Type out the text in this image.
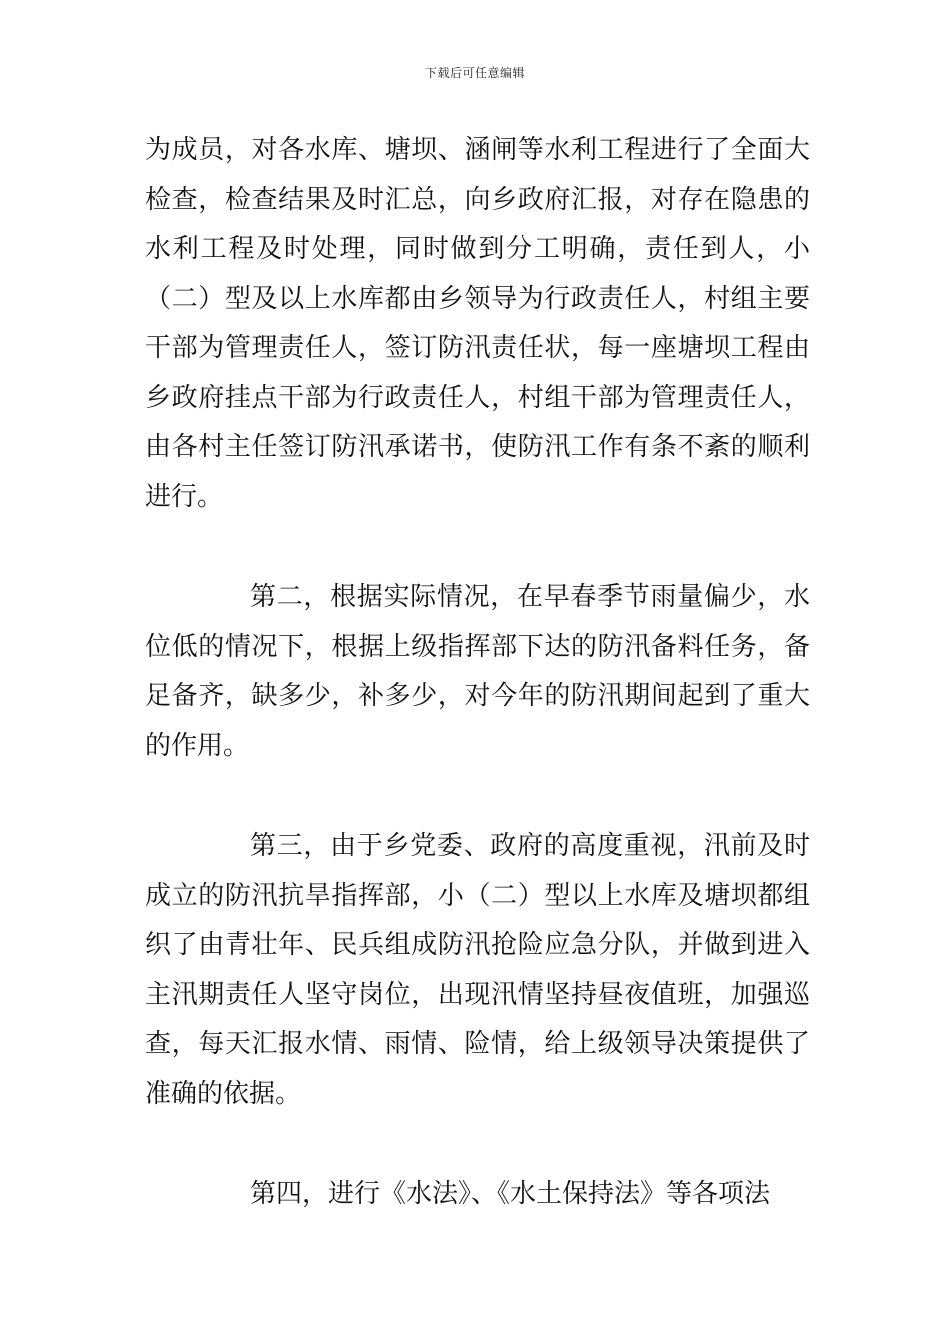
下载后可任意编辑

为成员，对各水库、塘坝、涵闸等水利工程进行了全面大检查，检查结果及时汇总，向乡政府汇报，对存在隐患的水利工程及时处理，同时做到分工明确，责任到人，小（二）型及以上水库都由乡领导为行政责任人，村组主要干部为管理责任人，签订防汛责任状，每一座塘坝工程由乡政府挂点干部为行政责任人，村组干部为管理责任人，由各村主任签订防汛承诺书，使防汛工作有条不紊的顺利进行。

第二，根据实际情况，在早春季节雨量偏少，水位低的情况下，根据上级指挥部下达的防汛备料任务，备足备齐，缺多少，补多少，对今年的防汛期间起到了重大的作用。

第三，由于乡党委、政府的高度重视，汛前及时成立的防汛抗旱指挥部，小（二）型以上水库及塘坝都组织了由青壮年、民兵组成防汛抢险应急分队，并做到进入主汛期责任人坚守岗位，出现汛情坚持昼夜值班，加强巡查，每天汇报水情、雨情、险情，给上级领导决策提供了准确的依据。

第四，进行《水法》、《水土保持法》等各项法
